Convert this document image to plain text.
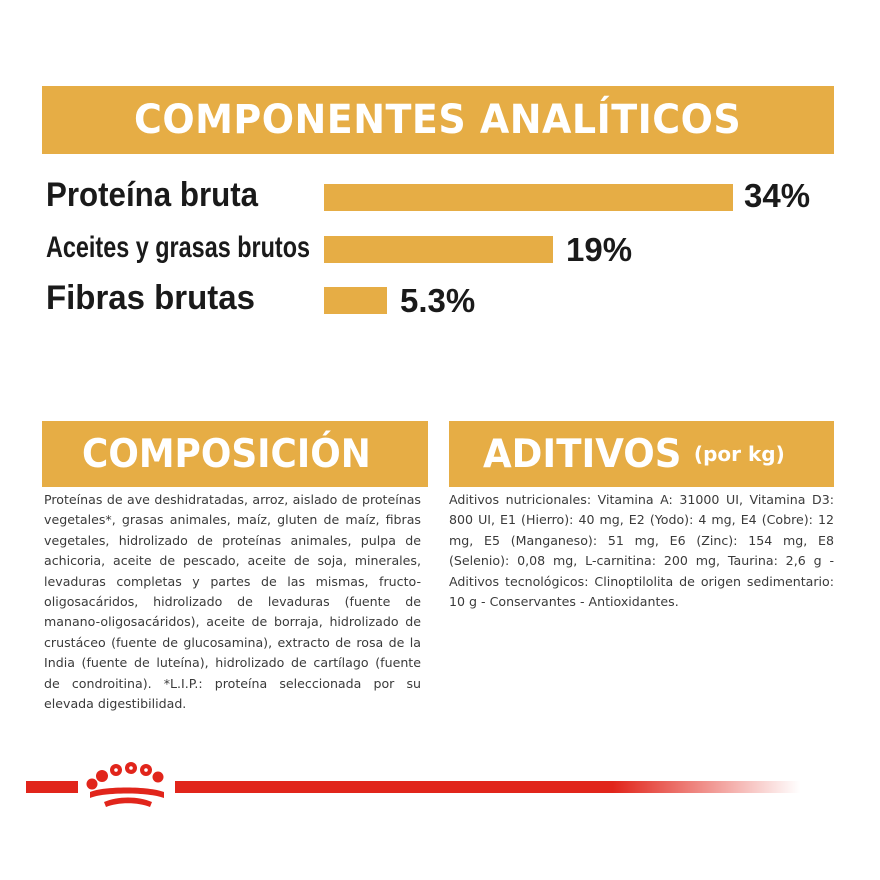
COMPONENTES ANALÍTICOS
Proteína bruta	34%
Aceites y grasas brutos	19%
Fibras brutas	5.3%
COMPOSICIÓN

Proteínas de ave deshidratadas, arroz, aislado de proteínas vegetales*, grasas animales, maíz, gluten de maíz, fibras vegetales, hidrolizado de proteínas animales, pulpa de achicoria, aceite de pescado, aceite de soja, minerales, levaduras completas y partes de las mismas, fructo-oligosacáridos, hidrolizado de levaduras (fuente de manano-oligosacáridos), aceite de borraja, hidrolizado de crustáceo (fuente de glucosamina), extracto de rosa de la India (fuente de luteína), hidrolizado de cartílago (fuente de condroitina). *L.I.P.: proteína seleccionada por su elevada digestibilidad.

ADITIVOS (por kg)

Aditivos nutricionales: Vitamina A: 31000 UI, Vitamina D3: 800 UI, E1 (Hierro): 40 mg, E2 (Yodo): 4 mg, E4 (Cobre): 12 mg, E5 (Manganeso): 51 mg, E6 (Zinc): 154 mg, E8 (Selenio): 0,08 mg, L-carnitina: 200 mg, Taurina: 2,6 g - Aditivos tecnológicos: Clinoptilolita de origen sedimentario: 10 g - Conservantes - Antioxidantes.
